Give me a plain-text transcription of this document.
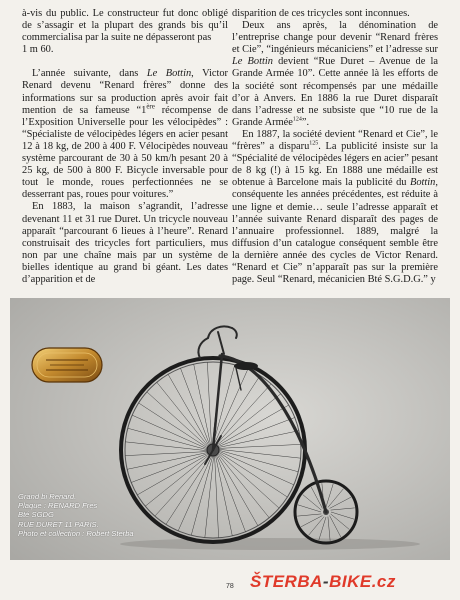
à-vis du public. Le constructeur fut donc obligé de s’assagir et la plupart des grands bis qu’il commercialisa par la suite ne dépasseront pas
1 m 60.

L’année suivante, dans Le Bottin, Victor Renard devenu “Renard frères” donne des informations sur sa production après avoir fait mention de sa fameuse “1ère récompense de l’Exposition Universelle pour les vélocipèdes” : “Spécialiste de vélocipèdes légers en acier pesant 12 à 18 kg, de 200 à 400 F. Vélocipèdes nouveau système parcourant de 30 à 50 km/h pesant 20 à 25 kg, de 500 à 800 F. Bicycle inversable pour tout le monde, roues perfectionnées ne se desserrant pas, roues pour voitures.”

En 1883, la maison s’agrandit, l’adresse devenant 11 et 31 rue Duret. Un tricycle nouveau apparaît “parcourant 6 lieues à l’heure”. Renard construisait des tricycles fort particuliers, mus non par une chaîne mais par un système de bielles identique au grand bi géant. Les dates d’apparition et de

disparition de ces tricycles sont inconnues.

Deux ans après, la dénomination de l’entreprise change pour devenir “Renard frères et Cie”, “ingénieurs mécaniciens” et l’adresse sur Le Bottin devient “Rue Duret – Avenue de la Grande Armée 10”. Cette année là les efforts de la société sont récompensés par une médaille d’or à Anvers. En 1886 la rue Duret disparaît dans l’adresse et ne subsiste que “10 rue de la Grande Armée$^{124}$”.

En 1887, la société devient “Renard et Cie”, le “frères” a disparu$^{125}$. La publicité insiste sur la “Spécialité de vélocipèdes légers en acier” pesant de 8 kg (!) à 15 kg. En 1888 une médaille est obtenue à Barcelone mais la publicité du Bottin, conséquente les années précédentes, est réduite à une ligne et demie… seule l’adresse apparaît et l’année suivante Renard disparaît des pages de l’annuaire professionnel. 1889, malgré la diffusion d’un catalogue conséquent semble être la dernière année des cycles de Victor Renard. “Renard et Cie” n’apparaît pas sur la première page. Seul “Renard, mécanicien Bté S.G.D.G.” y

Grand bi Renard.
Plaque : RENARD Fres
Bté SGDG
RUE DURET 11 PARIS.
Photo et collection : Robert Sterba
78 ŠTERBA-BIKE.cz
